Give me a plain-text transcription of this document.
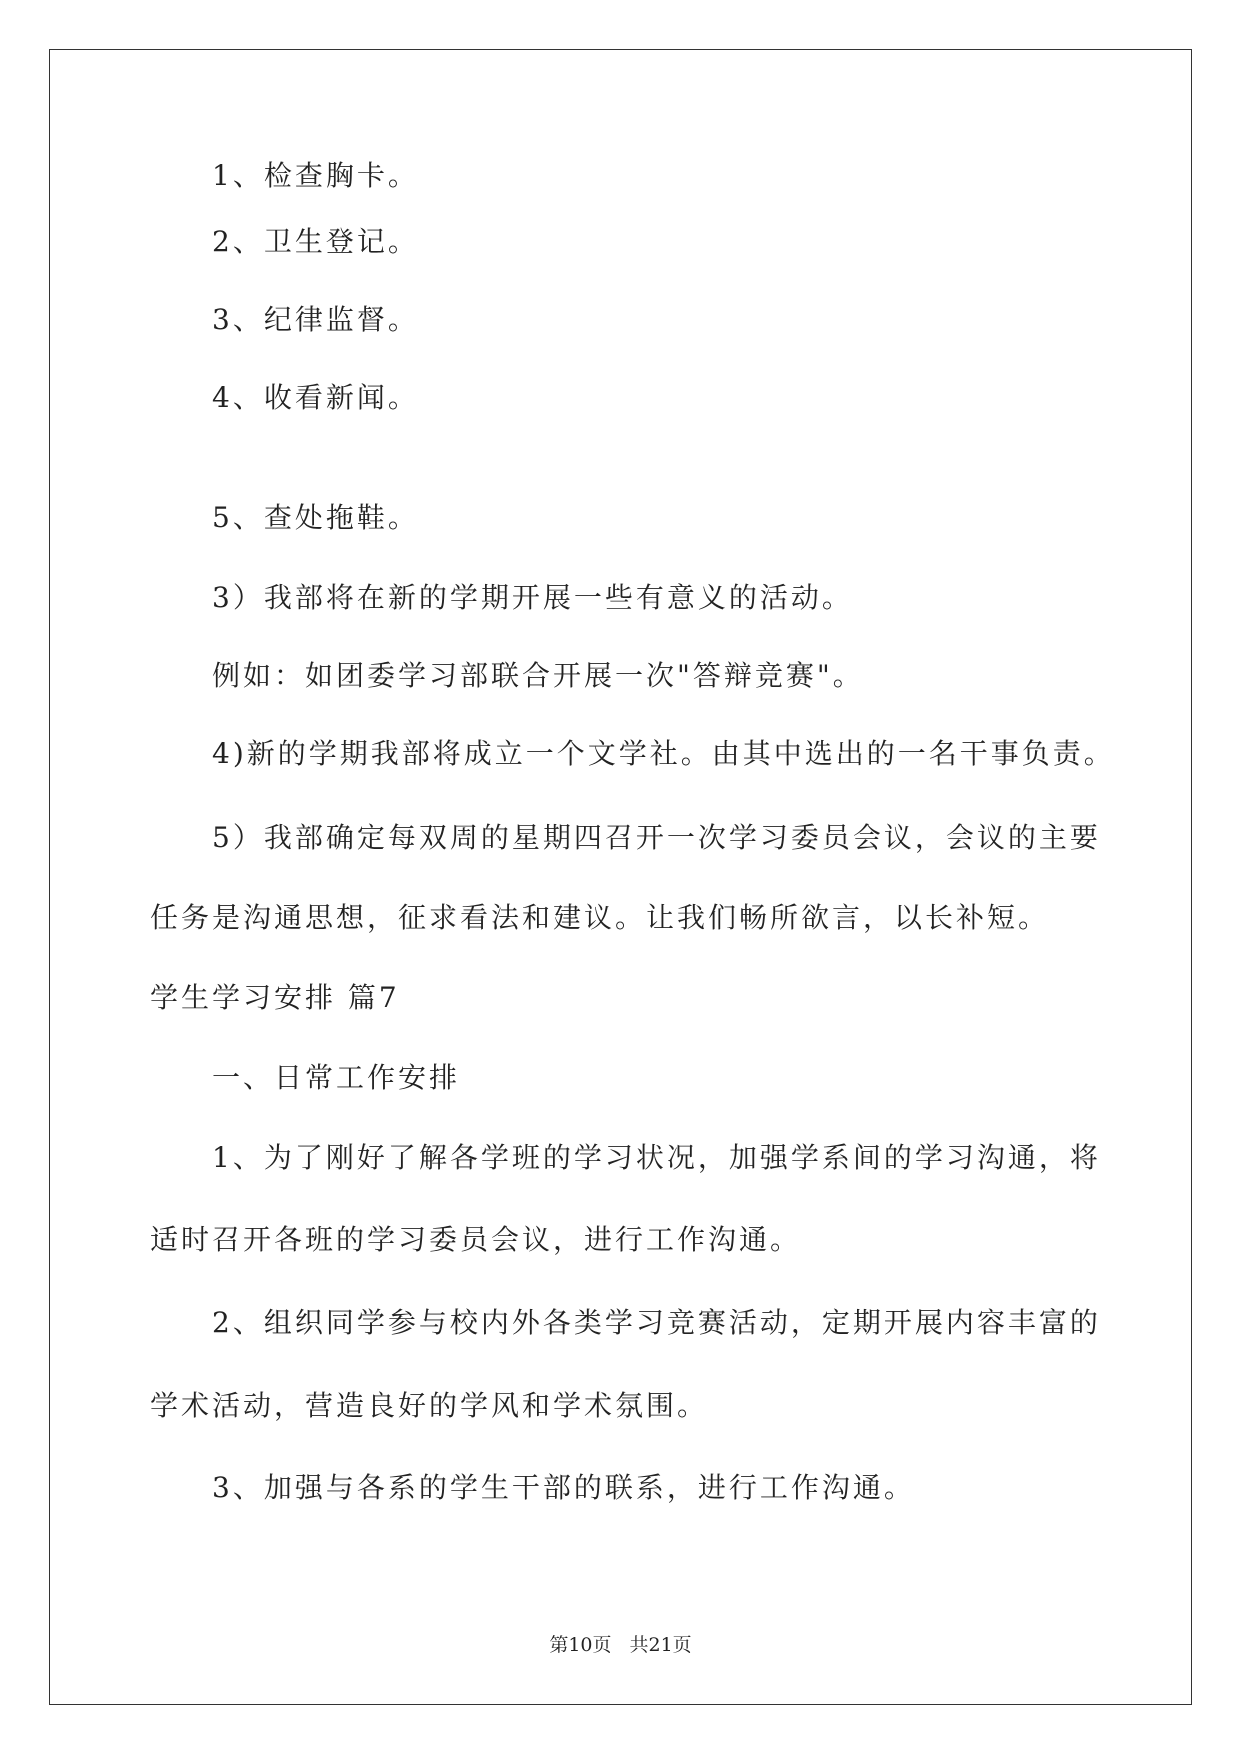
1、检查胸卡。
2、卫生登记。
3、纪律监督。
4、收看新闻。
5、查处拖鞋。
3）我部将在新的学期开展一些有意义的活动。
例如：如团委学习部联合开展一次"答辩竞赛"。
4)新的学期我部将成立一个文学社。由其中选出的一名干事负责。
5）我部确定每双周的星期四召开一次学习委员会议，会议的主要
任务是沟通思想，征求看法和建议。让我们畅所欲言，以长补短。
学生学习安排 篇7
一、日常工作安排
1、为了刚好了解各学班的学习状况，加强学系间的学习沟通，将
适时召开各班的学习委员会议，进行工作沟通。
2、组织同学参与校内外各类学习竞赛活动，定期开展内容丰富的
学术活动，营造良好的学风和学术氛围。
3、加强与各系的学生干部的联系，进行工作沟通。
第10页 共21页
